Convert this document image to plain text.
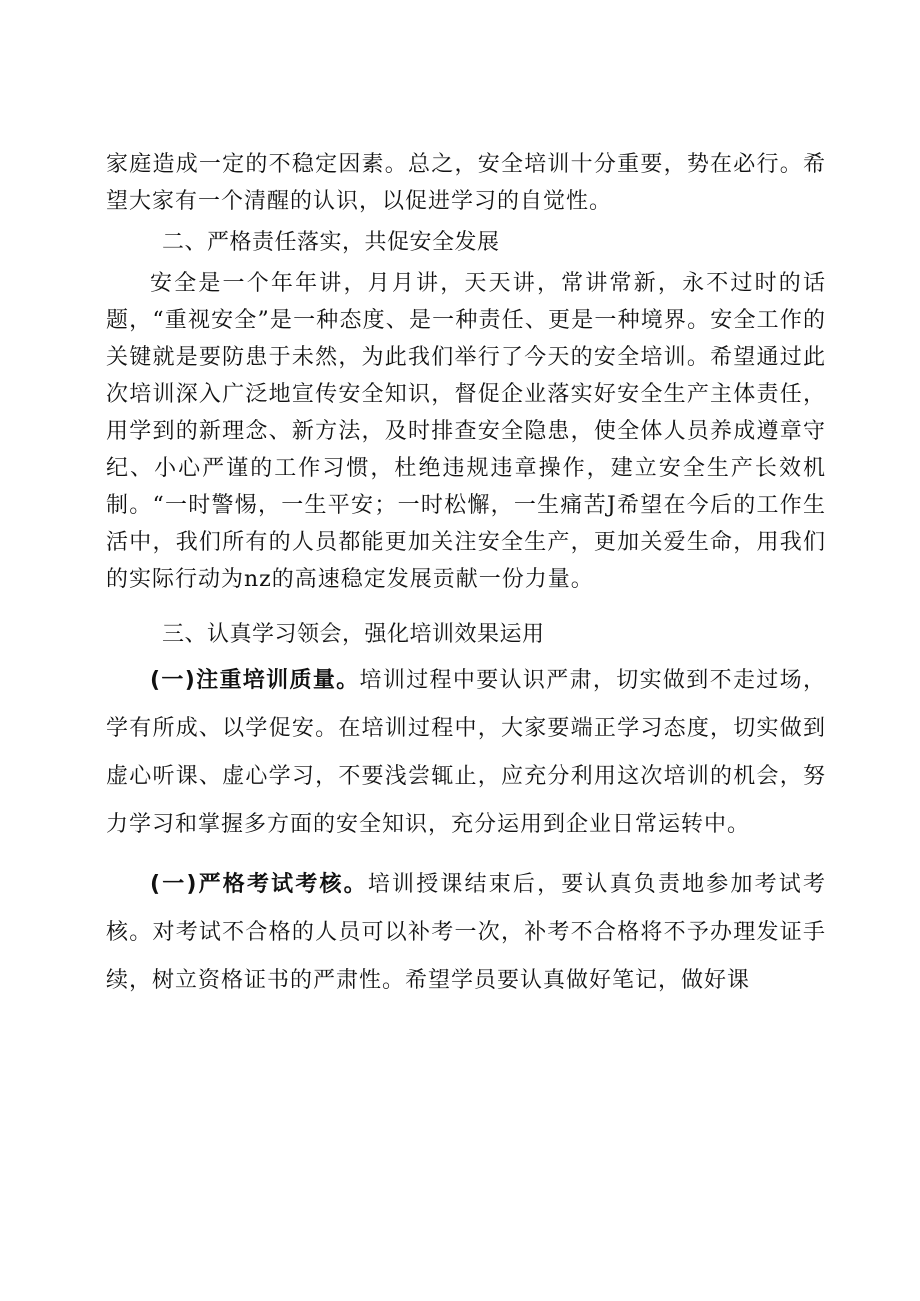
家庭造成一定的不稳定因素。总之，安全培训十分重要，势在必行。希望大家有一个清醒的认识，以促进学习的自觉性。

二、严格责任落实，共促安全发展

安全是一个年年讲，月月讲，天天讲，常讲常新，永不过时的话题，“重视安全”是一种态度、是一种责任、更是一种境界。安全工作的关键就是要防患于未然，为此我们举行了今天的安全培训。希望通过此次培训深入广泛地宣传安全知识，督促企业落实好安全生产主体责任，用学到的新理念、新方法，及时排查安全隐患，使全体人员养成遵章守纪、小心严谨的工作习惯，杜绝违规违章操作，建立安全生产长效机制。“一时警惕，一生平安；一时松懈，一生痛苦J希望在今后的工作生活中，我们所有的人员都能更加关注安全生产，更加关爱生命，用我们的实际行动为nz的高速稳定发展贡献一份力量。

三、认真学习领会，强化培训效果运用

(一)注重培训质量。培训过程中要认识严肃，切实做到不走过场，学有所成、以学促安。在培训过程中，大家要端正学习态度，切实做到虚心听课、虚心学习，不要浅尝辄止，应充分利用这次培训的机会，努力学习和掌握多方面的安全知识，充分运用到企业日常运转中。

(一)严格考试考核。培训授课结束后，要认真负责地参加考试考核。对考试不合格的人员可以补考一次，补考不合格将不予办理发证手续，树立资格证书的严肃性。希望学员要认真做好笔记，做好课
